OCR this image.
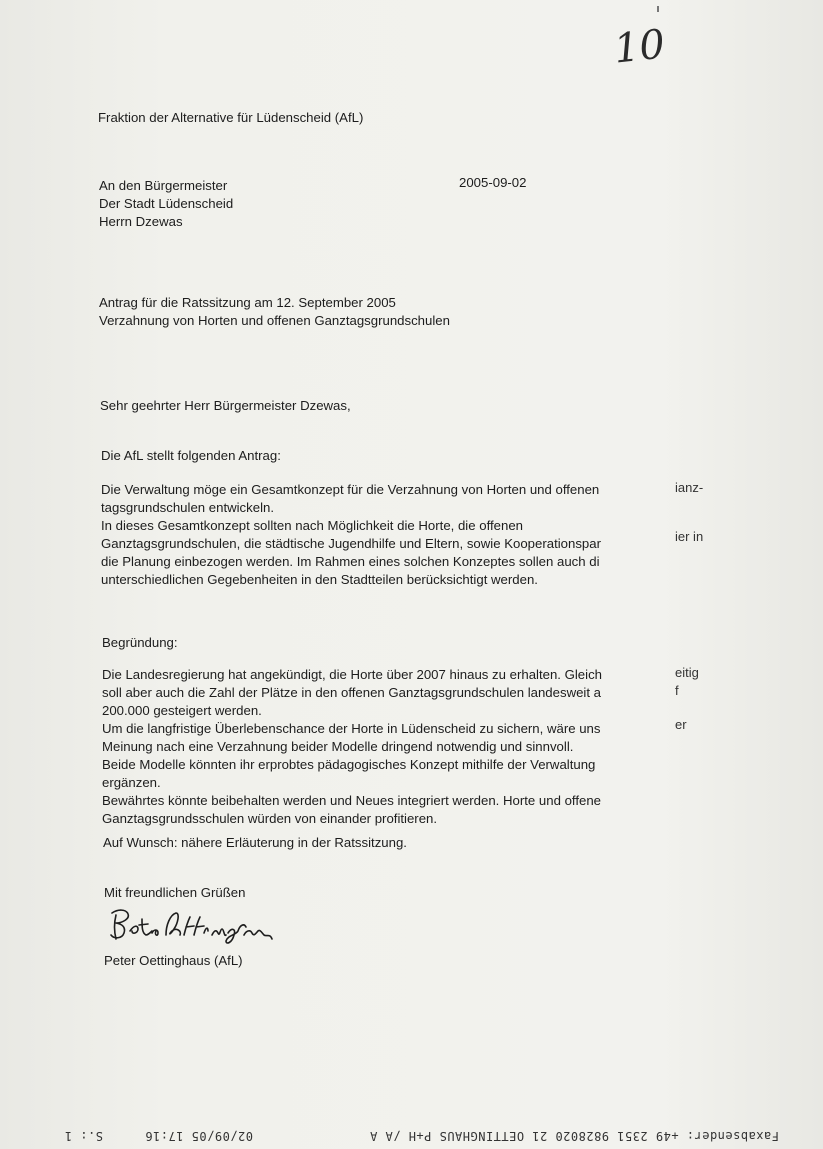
10
Fraktion der Alternative für Lüdenscheid (AfL)
An den Bürgermeister
Der Stadt Lüdenscheid
Herrn Dzewas
2005-09-02
Antrag für die Ratssitzung am 12. September 2005
Verzahnung von Horten und offenen Ganztagsgrundschulen
Sehr geehrter Herr Bürgermeister Dzewas,
Die AfL stellt folgenden Antrag:
Die Verwaltung möge ein Gesamtkonzept für die Verzahnung von Horten und offenen
tagsgrundschulen entwickeln.
In dieses Gesamtkonzept sollten nach Möglichkeit die Horte, die offenen
Ganztagsgrundschulen, die städtische Jugendhilfe und Eltern, sowie Kooperationspar
die Planung einbezogen werden. Im Rahmen eines solchen Konzeptes sollen auch di
unterschiedlichen Gegebenheiten in den Stadtteilen berücksichtigt werden.
ianz-
ier in
Begründung:
Die Landesregierung hat angekündigt, die Horte über 2007 hinaus zu erhalten. Gleich
soll aber auch die Zahl der Plätze in den offenen Ganztagsgrundschulen landesweit a
200.000 gesteigert werden.
Um die langfristige Überlebenschance der Horte in Lüdenscheid zu sichern, wäre uns
Meinung nach eine Verzahnung beider Modelle dringend notwendig und sinnvoll.
Beide Modelle könnten ihr erprobtes pädagogisches Konzept mithilfe der Verwaltung
ergänzen.
Bewährtes könnte beibehalten werden und Neues integriert werden. Horte und offene
Ganztagsgrundsschulen würden von einander profitieren.
eitig
f
er
Auf Wunsch: nähere Erläuterung in der Ratssitzung.
Mit freundlichen Grüßen
Peter Oettinghaus (AfL)
Faxabsender: +49 2351 9828020 21 OETTINGHAUS P+H /A A
02/09/05 17:16
S.: 1
